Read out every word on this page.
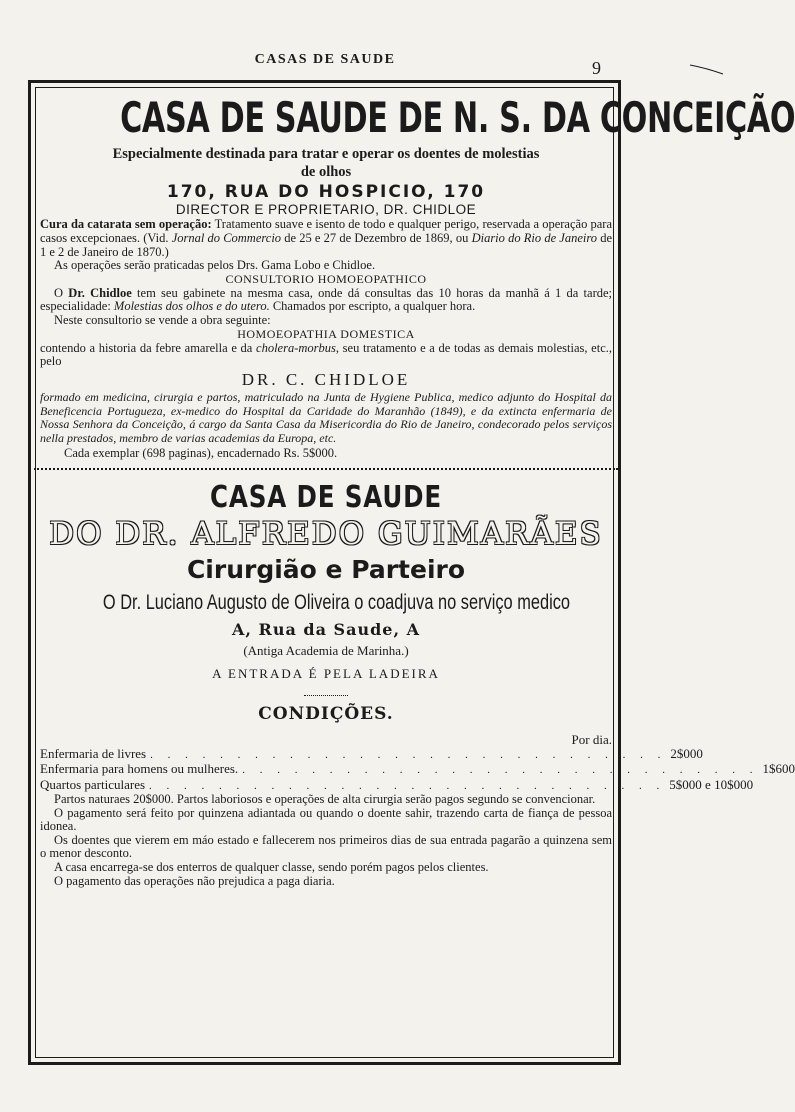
CASAS DE SAUDE	9
CASA DE SAUDE DE N. S. DA CONCEIÇÃO
Especialmente destinada para tratar e operar os doentes de molestias
de olhos
170, RUA DO HOSPICIO, 170
DIRECTOR E PROPRIETARIO, DR. CHIDLOE
Cura da catarata sem operação: Tratamento suave e isento de todo e qualquer perigo, reservada a operação para casos excepcionaes. (Vid. Jornal do Commercio de 25 e 27 de Dezembro de 1869, ou Diario do Rio de Janeiro de 1 e 2 de Janeiro de 1870.)
As operações serão praticadas pelos Drs. Gama Lobo e Chidloe.
CONSULTORIO HOMOEOPATHICO
O Dr. Chidloe tem seu gabinete na mesma casa, onde dá consultas das 10 horas da manhã á 1 da tarde; especialidade: Molestias dos olhos e do utero. Chamados por escripto, a qualquer hora.
Neste consultorio se vende a obra seguinte:
HOMOEOPATHIA DOMESTICA
contendo a historia da febre amarella e da cholera-morbus, seu tratamento e a de todas as demais molestias, etc., pelo
DR. C. CHIDLOE
formado em medicina, cirurgia e partos, matriculado na Junta de Hygiene Publica, medico adjunto do Hospital da Beneficencia Portugueza, ex-medico do Hospital da Caridade do Maranhão (1849), e da extincta enfermaria de Nossa Senhora da Conceição, á cargo da Santa Casa da Misericordia do Rio de Janeiro, condecorado pelos serviços nella prestados, membro de varias academias da Europa, etc.
Cada exemplar (698 paginas), encadernado Rs. 5$000.
CASA DE SAUDE
DO DR. ALFREDO GUIMARÃES
Cirurgião e Parteiro
O Dr. Luciano Augusto de Oliveira o coadjuva no serviço medico
A, Rua da Saude, A
(Antiga Academia de Marinha.)
A ENTRADA É PELA LADEIRA
CONDIÇÕES.
Por dia.
Enfermaria de livres . . . . . . . . . . . . . . . . . . . . . . . . . . . . . . 2$000
Enfermaria para homens ou mulheres. . . . . . . . . . . . . . . . . . . . . . . . . . . . . . . 1$600
Quartos particulares . . . . . . . . . . . . . . . . . . . . . . . . . . . . . . 5$000 e 10$000
Partos naturaes 20$000. Partos laboriosos e operações de alta cirurgia serão pagos segundo se convencionar.
O pagamento será feito por quinzena adiantada ou quando o doente sahir, trazendo carta de fiança de pessoa idonea.
Os doentes que vierem em máo estado e fallecerem nos primeiros dias de sua entrada pagarão a quinzena sem o menor desconto.
A casa encarrega-se dos enterros de qualquer classe, sendo porém pagos pelos clientes.
O pagamento das operações não prejudica a paga diaria.
